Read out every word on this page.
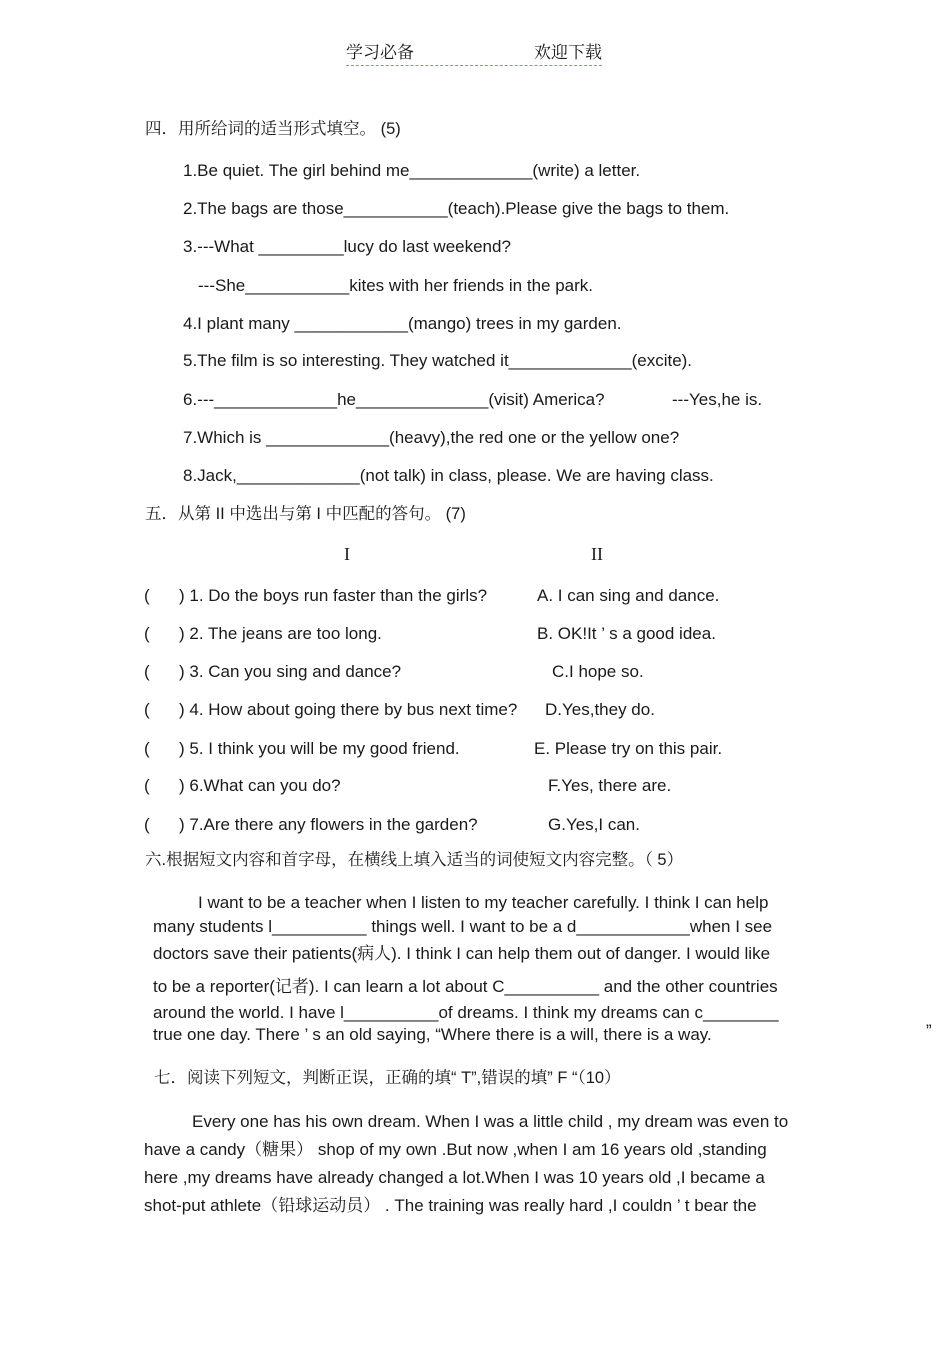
学习必备	欢迎下载
四．用所给词的适当形式填空。 (5)
1.Be quiet. The girl behind me_____________(write) a letter.
2.The bags are those___________(teach).Please give the bags to them.
3.---What _________lucy do last weekend?
---She___________kites with her friends in the park.
4.I plant many ____________(mango) trees in my garden.
5.The film is so interesting. They watched it_____________(excite).
6.---_____________he______________(visit) America?	---Yes,he is.
7.Which is _____________(heavy),the red one or the yellow one?
8.Jack,_____________(not talk) in class, please. We are having class.
五．从第 II 中选出与第 I 中匹配的答句。 (7)
I	II
( ) 1. Do the boys run faster than the girls?	A. I can sing and dance.
( ) 2. The jeans are too long.	B. OK!It ’ s a good idea.
( ) 3. Can you sing and dance?	C.I hope so.
( ) 4. How about going there by bus next time? D.Yes,they do.
( ) 5. I think you will be my good friend.	E. Please try on this pair.
( ) 6.What can you do?	F.Yes, there are.
( ) 7.Are there any flowers in the garden?	G.Yes,I can.
六.根据短文内容和首字母，在横线上填入适当的词使短文内容完整。（ 5）
I want to be a teacher when I listen to my teacher carefully. I think I can help
many students l__________ things well. I want to be a d____________when I see
doctors save their patients(病人). I think I can help them out of danger. I would like
to be a reporter(记者). I can learn a lot about C__________ and the other countries
around the world. I have l__________of dreams. I think my dreams can c________
true one day. There ’ s an old saying, “Where there is a will, there is a way.	”
七．阅读下列短文，判断正误，正确的填“ T”,错误的填” F “（10）
Every one has his own dream. When I was a little child , my dream was even to
have a candy（糖果） shop of my own .But now ,when I am 16 years old ,standing
here ,my dreams have already changed a lot.When I was 10 years old ,I became a
shot-put athlete（铅球运动员） . The training was really hard ,I couldn ’ t bear the
